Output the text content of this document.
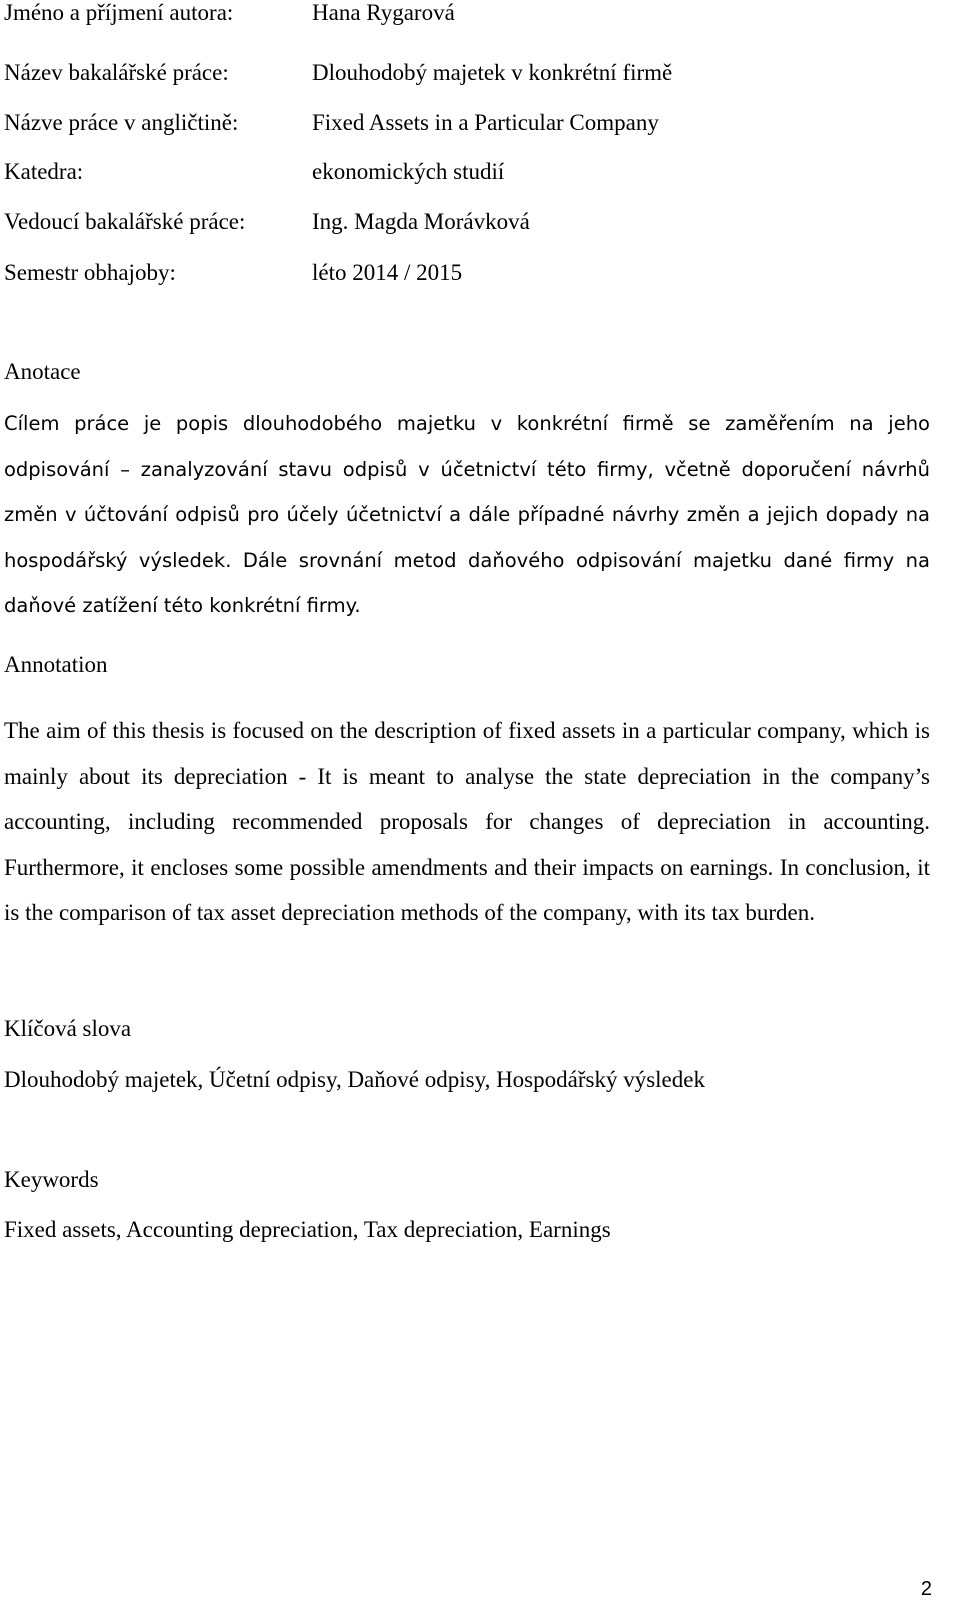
Jméno a příjmení autora:	Hana Rygarová
Název bakalářské práce:	Dlouhodobý majetek v konkrétní firmě
Názve práce v angličtině:	Fixed Assets in a Particular Company
Katedra:	ekonomických studií
Vedoucí bakalářské práce:	Ing. Magda Morávková
Semestr obhajoby:	léto 2014 / 2015
Anotace

Cílem práce je popis dlouhodobého majetku v konkrétní firmě se zaměřením na jeho odpisování – zanalyzování stavu odpisů v účetnictví této firmy, včetně doporučení návrhů změn v účtování odpisů pro účely účetnictví a dále případné návrhy změn a jejich dopady na hospodářský výsledek. Dále srovnání metod daňového odpisování majetku dané firmy na daňové zatížení této konkrétní firmy.

Annotation

The aim of this thesis is focused on the description of fixed assets in a particular company, which is mainly about its depreciation - It is meant to analyse the state depreciation in the company’s accounting, including recommended proposals for changes of depreciation in accounting. Furthermore, it encloses some possible amendments and their impacts on earnings. In conclusion, it is the comparison of tax asset depreciation methods of the company, with its tax burden.

Klíčová slova
Dlouhodobý majetek, Účetní odpisy, Daňové odpisy, Hospodářský výsledek
Keywords
Fixed assets, Accounting depreciation, Tax depreciation, Earnings
2
